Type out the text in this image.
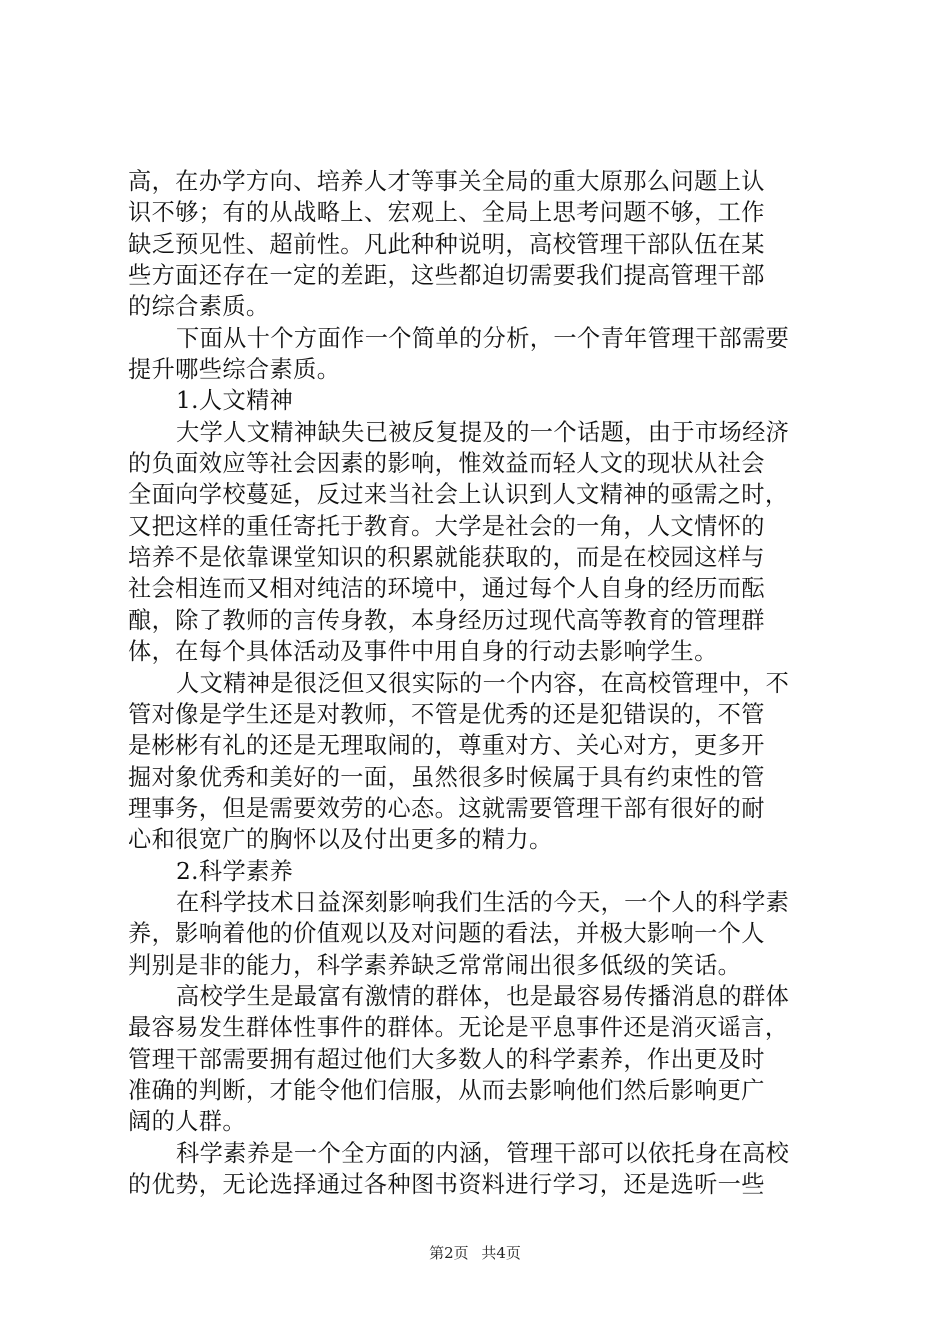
高，在办学方向、培养人才等事关全局的重大原那么问题上认
识不够；有的从战略上、宏观上、全局上思考问题不够，工作
缺乏预见性、超前性。凡此种种说明，高校管理干部队伍在某
些方面还存在一定的差距，这些都迫切需要我们提高管理干部
的综合素质。
下面从十个方面作一个简单的分析，一个青年管理干部需要
提升哪些综合素质。
1.人文精神
大学人文精神缺失已被反复提及的一个话题，由于市场经济
的负面效应等社会因素的影响，惟效益而轻人文的现状从社会
全面向学校蔓延，反过来当社会上认识到人文精神的亟需之时，
又把这样的重任寄托于教育。大学是社会的一角，人文情怀的
培养不是依靠课堂知识的积累就能获取的，而是在校园这样与
社会相连而又相对纯洁的环境中，通过每个人自身的经历而酝
酿，除了教师的言传身教，本身经历过现代高等教育的管理群
体，在每个具体活动及事件中用自身的行动去影响学生。
人文精神是很泛但又很实际的一个内容，在高校管理中，不
管对像是学生还是对教师，不管是优秀的还是犯错误的，不管
是彬彬有礼的还是无理取闹的，尊重对方、关心对方，更多开
掘对象优秀和美好的一面，虽然很多时候属于具有约束性的管
理事务，但是需要效劳的心态。这就需要管理干部有很好的耐
心和很宽广的胸怀以及付出更多的精力。
2.科学素养
在科学技术日益深刻影响我们生活的今天，一个人的科学素
养，影响着他的价值观以及对问题的看法，并极大影响一个人
判别是非的能力，科学素养缺乏常常闹出很多低级的笑话。
高校学生是最富有激情的群体，也是最容易传播消息的群体
最容易发生群体性事件的群体。无论是平息事件还是消灭谣言，
管理干部需要拥有超过他们大多数人的科学素养，作出更及时
准确的判断，才能令他们信服，从而去影响他们然后影响更广
阔的人群。
科学素养是一个全方面的内涵，管理干部可以依托身在高校
的优势，无论选择通过各种图书资料进行学习，还是选听一些
第2页 共4页
